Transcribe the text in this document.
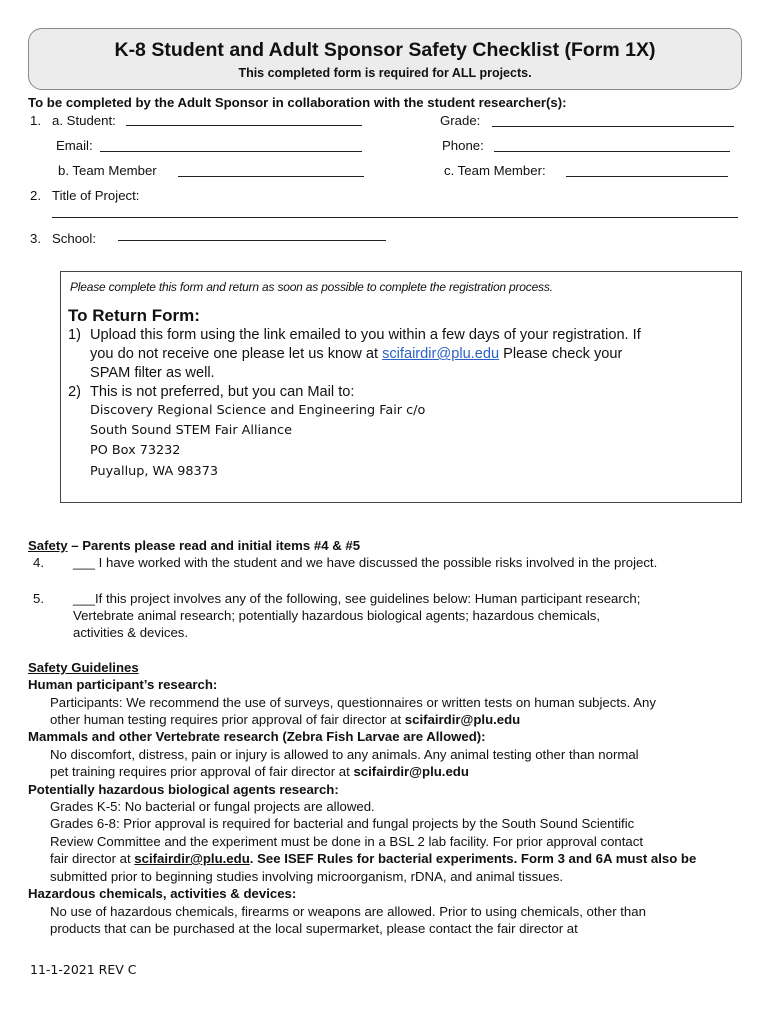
K-8 Student and Adult Sponsor Safety Checklist (Form 1X)
This completed form is required for ALL projects.
To be completed by the Adult Sponsor in collaboration with the student researcher(s):
1. a. Student:	Grade:
Email:	Phone:
b. Team Member	c. Team Member:
2. Title of Project:
3. School:
Please complete this form and return as soon as possible to complete the registration process.
To Return Form:
1) Upload this form using the link emailed to you within a few days of your registration. If
you do not receive one please let us know at scifairdir@plu.edu Please check your
SPAM filter as well.
2) This is not preferred, but you can Mail to:
Discovery Regional Science and Engineering Fair c/o
South Sound STEM Fair Alliance
PO Box 73232
Puyallup, WA 98373
Safety – Parents please read and initial items #4 & #5
4. ___ I have worked with the student and we have discussed the possible risks involved in the project.
5. ___If this project involves any of the following, see guidelines below: Human participant research;
Vertebrate animal research; potentially hazardous biological agents; hazardous chemicals,
activities & devices.
Safety Guidelines
Human participant’s research:
Participants: We recommend the use of surveys, questionnaires or written tests on human subjects. Any
other human testing requires prior approval of fair director at scifairdir@plu.edu
Mammals and other Vertebrate research (Zebra Fish Larvae are Allowed):
No discomfort, distress, pain or injury is allowed to any animals. Any animal testing other than normal
pet training requires prior approval of fair director at scifairdir@plu.edu
Potentially hazardous biological agents research:
Grades K-5: No bacterial or fungal projects are allowed.
Grades 6-8: Prior approval is required for bacterial and fungal projects by the South Sound Scientific
Review Committee and the experiment must be done in a BSL 2 lab facility. For prior approval contact
fair director at scifairdir@plu.edu. See ISEF Rules for bacterial experiments. Form 3 and 6A must also be
submitted prior to beginning studies involving microorganism, rDNA, and animal tissues.
Hazardous chemicals, activities & devices:
No use of hazardous chemicals, firearms or weapons are allowed. Prior to using chemicals, other than
products that can be purchased at the local supermarket, please contact the fair director at
11-1-2021 REV C
